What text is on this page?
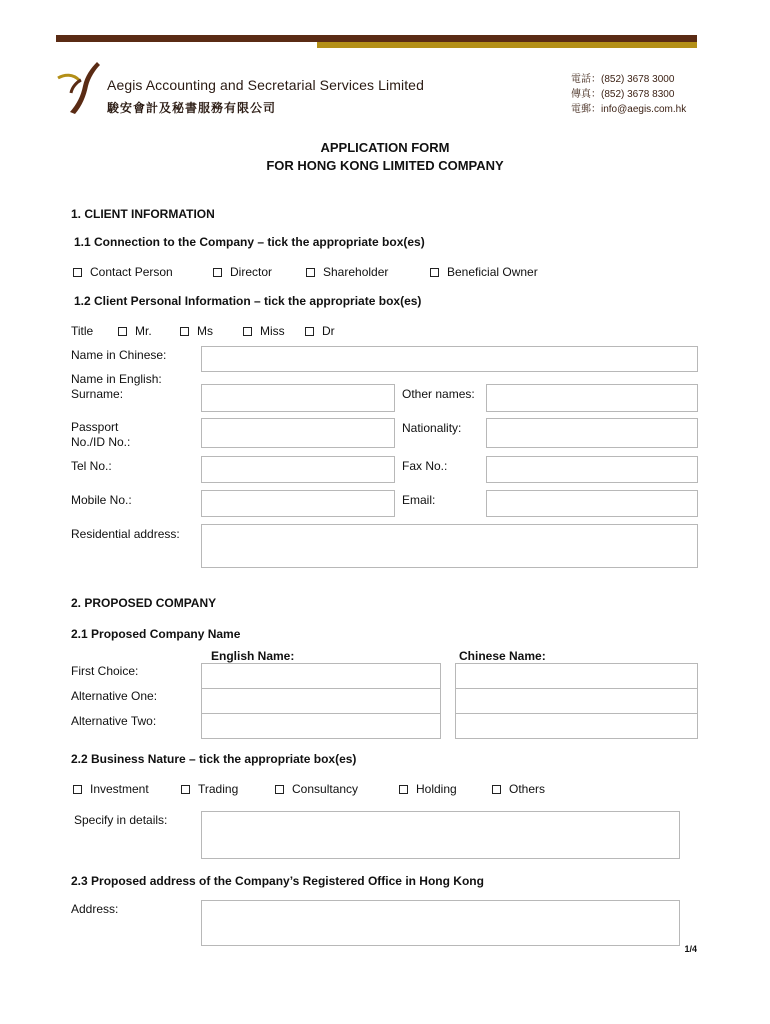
Aegis Accounting and Secretarial Services Limited
駿安會計及秘書服務有限公司
電話：(852) 3678 3000
傳真：(852) 3678 8300
電郵：info@aegis.com.hk
APPLICATION FORM
FOR HONG KONG LIMITED COMPANY
1. CLIENT INFORMATION
1.1 Connection to the Company – tick the appropriate box(es)
Contact Person	Director	Shareholder	Beneficial Owner
1.2 Client Personal Information – tick the appropriate box(es)
Title	Mr.	Ms	Miss	Dr
Name in Chinese:
Name in English:
Surname:	Other names:
Passport
No./ID No.:
Nationality:
Tel No.:	Fax No.:
Mobile No.:	Email:
Residential address:
2. PROPOSED COMPANY
2.1 Proposed Company Name
English Name:	Chinese Name:
First Choice:
Alternative One:
Alternative Two:
2.2 Business Nature – tick the appropriate box(es)
Investment	Trading	Consultancy	Holding	Others
Specify in details:
2.3 Proposed address of the Company’s Registered Office in Hong Kong
Address:
1/4
